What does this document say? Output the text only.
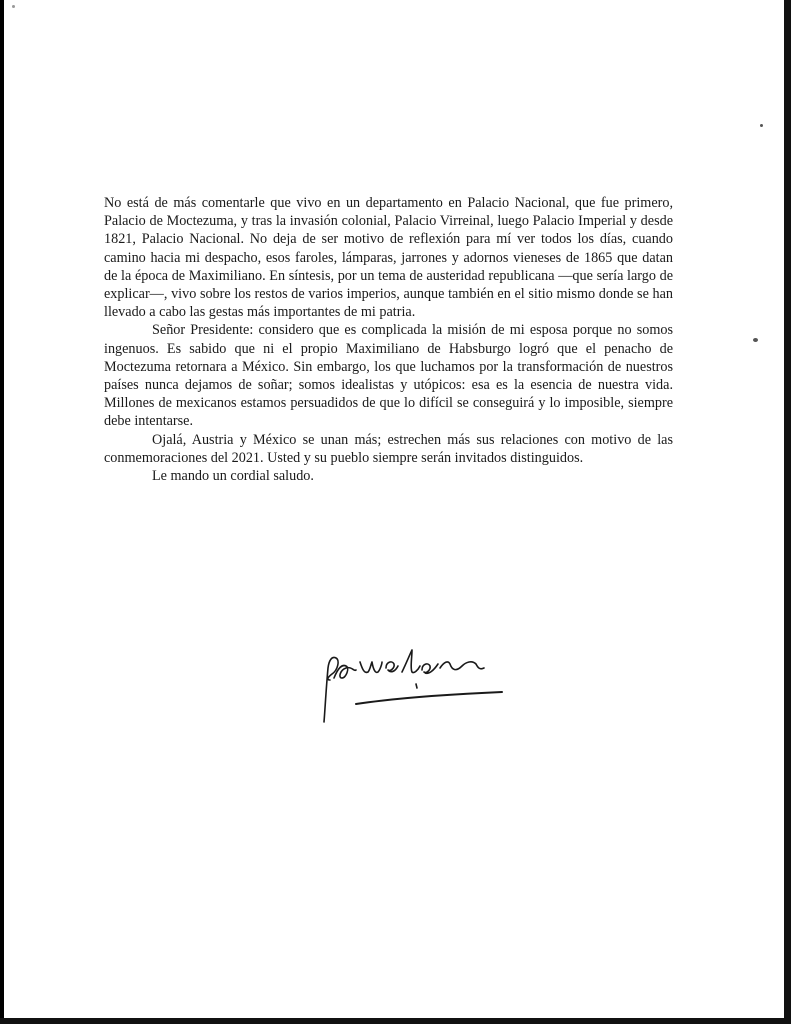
No está de más comentarle que vivo en un departamento en Palacio Nacional, que fue primero, Palacio de Moctezuma, y tras la invasión colonial, Palacio Virreinal, luego Palacio Imperial y desde 1821, Palacio Nacional. No deja de ser motivo de reflexión para mí ver todos los días, cuando camino hacia mi despacho, esos faroles, lámparas, jarrones y adornos vieneses de 1865 que datan de la época de Maximiliano. En síntesis, por un tema de austeridad republicana —que sería largo de explicar—, vivo sobre los restos de varios imperios, aunque también en el sitio mismo donde se han llevado a cabo las gestas más importantes de mi patria.

Señor Presidente: considero que es complicada la misión de mi esposa porque no somos ingenuos. Es sabido que ni el propio Maximiliano de Habsburgo logró que el penacho de Moctezuma retornara a México. Sin embargo, los que luchamos por la transformación de nuestros países nunca dejamos de soñar; somos idealistas y utópicos: esa es la esencia de nuestra vida. Millones de mexicanos estamos persuadidos de que lo difícil se conseguirá y lo imposible, siempre debe intentarse.

Ojalá, Austria y México se unan más; estrechen más sus relaciones con motivo de las conmemoraciones del 2021. Usted y su pueblo siempre serán invitados distinguidos.

Le mando un cordial saludo.
